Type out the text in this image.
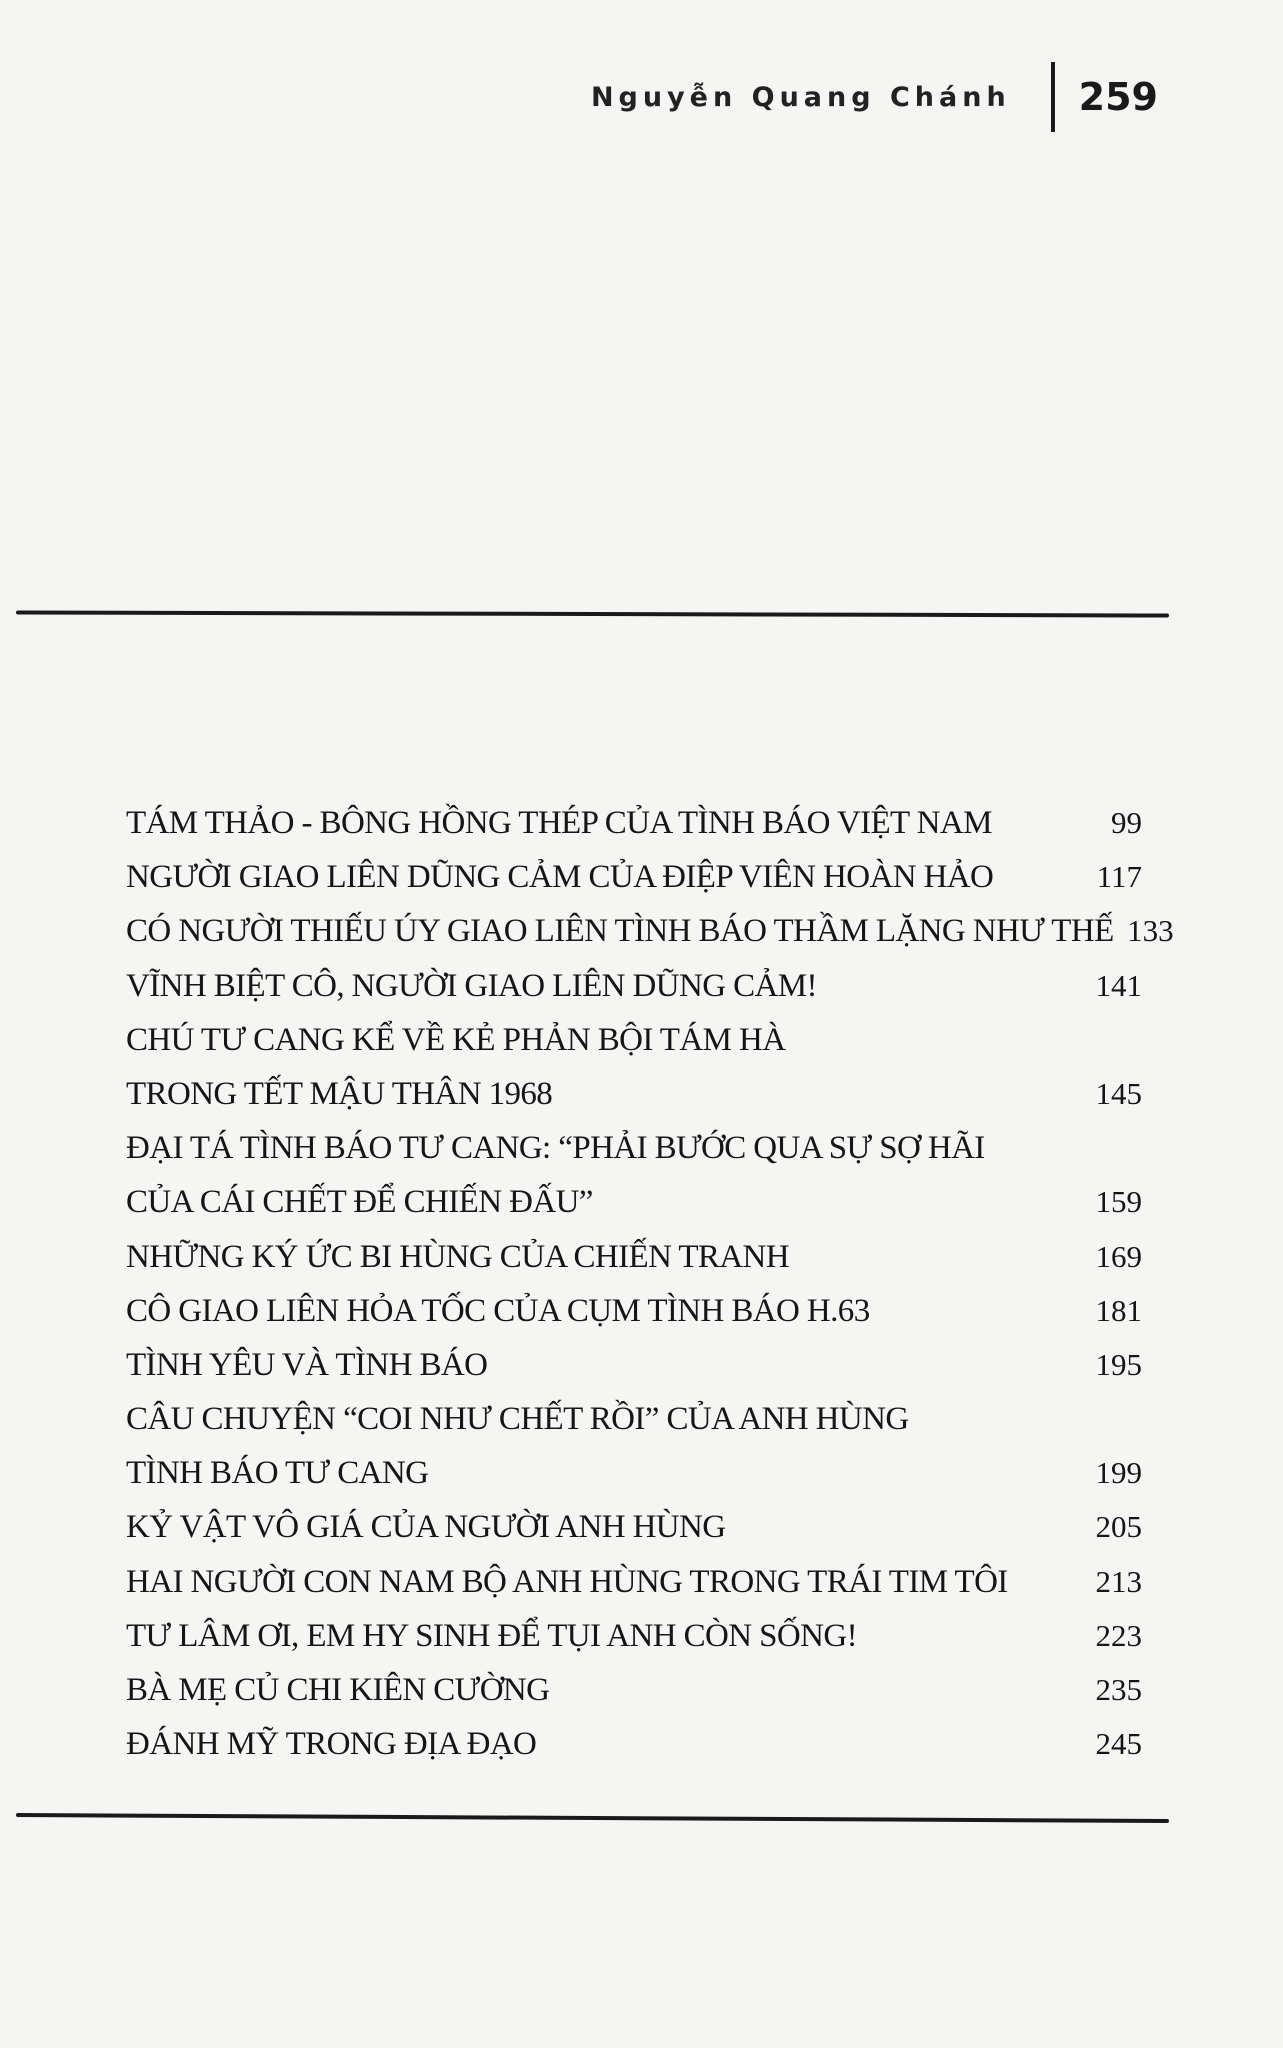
Nguyễn Quang Chánh 259
TÁM THẢO - BÔNG HỒNG THÉP CỦA TÌNH BÁO VIỆT NAM	99
NGƯỜI GIAO LIÊN DŨNG CẢM CỦA ĐIỆP VIÊN HOÀN HẢO	117
CÓ NGƯỜI THIẾU ÚY GIAO LIÊN TÌNH BÁO THẦM LẶNG NHƯ THẾ 133
VĨNH BIỆT CÔ, NGƯỜI GIAO LIÊN DŨNG CẢM!	141
CHÚ TƯ CANG KỂ VỀ KẺ PHẢN BỘI TÁM HÀ
TRONG TẾT MẬU THÂN 1968	145
ĐẠI TÁ TÌNH BÁO TƯ CANG: “PHẢI BƯỚC QUA SỰ SỢ HÃI
CỦA CÁI CHẾT ĐỂ CHIẾN ĐẤU”	159
NHỮNG KÝ ỨC BI HÙNG CỦA CHIẾN TRANH	169
CÔ GIAO LIÊN HỎA TỐC CỦA CỤM TÌNH BÁO H.63	181
TÌNH YÊU VÀ TÌNH BÁO	195
CÂU CHUYỆN “COI NHƯ CHẾT RỒI” CỦA ANH HÙNG
TÌNH BÁO TƯ CANG	199
KỶ VẬT VÔ GIÁ CỦA NGƯỜI ANH HÙNG	205
HAI NGƯỜI CON NAM BỘ ANH HÙNG TRONG TRÁI TIM TÔI	213
TƯ LÂM ƠI, EM HY SINH ĐỂ TỤI ANH CÒN SỐNG!	223
BÀ MẸ CỦ CHI KIÊN CƯỜNG	235
ĐÁNH MỸ TRONG ĐỊA ĐẠO	245
